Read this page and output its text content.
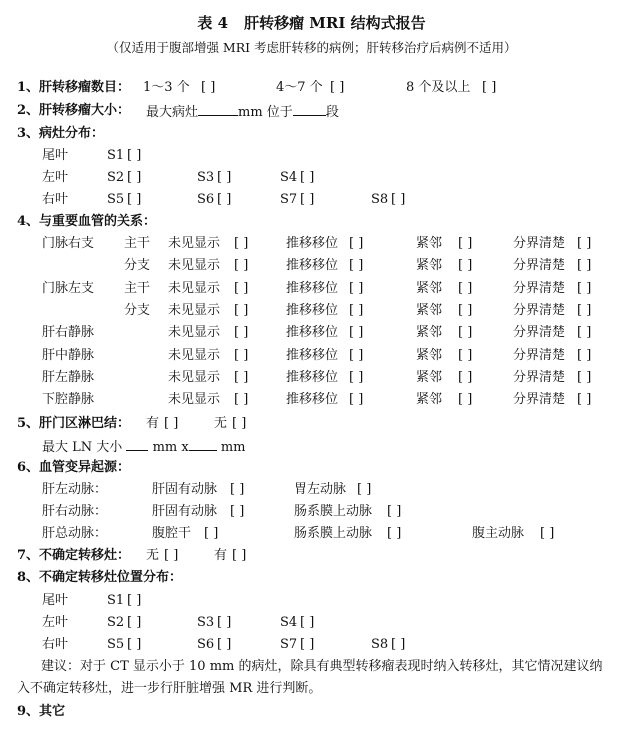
表 4 肝转移瘤 MRI 结构式报告
（仅适用于腹部增强 MRI 考虑肝转移的病例；肝转移治疗后病例不适用）
1、肝转移瘤数目： 1～3 个 [ ]	4～7 个 [ ]	8 个及以上 [ ]
2、肝转移瘤大小： 最大病灶	mm 位于	段
3、病灶分布：
尾叶	S1 [ ]
左叶	S2 [ ]	S3 [ ]	S4 [ ]
右叶	S5 [ ]	S6 [ ]	S7 [ ]	S8 [ ]
4、与重要血管的关系：
门脉右支 主干 未见显示 [ ]	推移移位 [ ]	紧邻 [ ]	分界清楚 [ ]
分支 未见显示 [ ]	推移移位 [ ]	紧邻 [ ]	分界清楚 [ ]
门脉左支 主干 未见显示 [ ]	推移移位 [ ]	紧邻 [ ]	分界清楚 [ ]
分支 未见显示 [ ]	推移移位 [ ]	紧邻 [ ]	分界清楚 [ ]
肝右静脉	未见显示 [ ]	推移移位 [ ]	紧邻 [ ]	分界清楚 [ ]
肝中静脉	未见显示 [ ]	推移移位 [ ]	紧邻 [ ]	分界清楚 [ ]
肝左静脉	未见显示 [ ]	推移移位 [ ]	紧邻 [ ]	分界清楚 [ ]
下腔静脉	未见显示 [ ]	推移移位 [ ]	紧邻 [ ]	分界清楚 [ ]
5、肝门区淋巴结： 有 [ ]	无 [ ]
最大 LN 大小 mm x mm
6、血管变异起源：
肝左动脉：	肝固有动脉 [ ]	胃左动脉 [ ]
肝右动脉：	肝固有动脉 [ ]	肠系膜上动脉 [ ]
肝总动脉：	腹腔干 [ ]	肠系膜上动脉 [ ]	腹主动脉 [ ]
7、不确定转移灶： 无 [ ]	有 [ ]
8、不确定转移灶位置分布：
尾叶	S1 [ ]
左叶	S2 [ ]	S3 [ ]	S4 [ ]
右叶	S5 [ ]	S6 [ ]	S7 [ ]	S8 [ ]
建议：对于 CT 显示小于 10 mm 的病灶，除具有典型转移瘤表现时纳入转移灶，其它情况建议纳入不确定转移灶，进一步行肝脏增强 MR 进行判断。
9、其它
